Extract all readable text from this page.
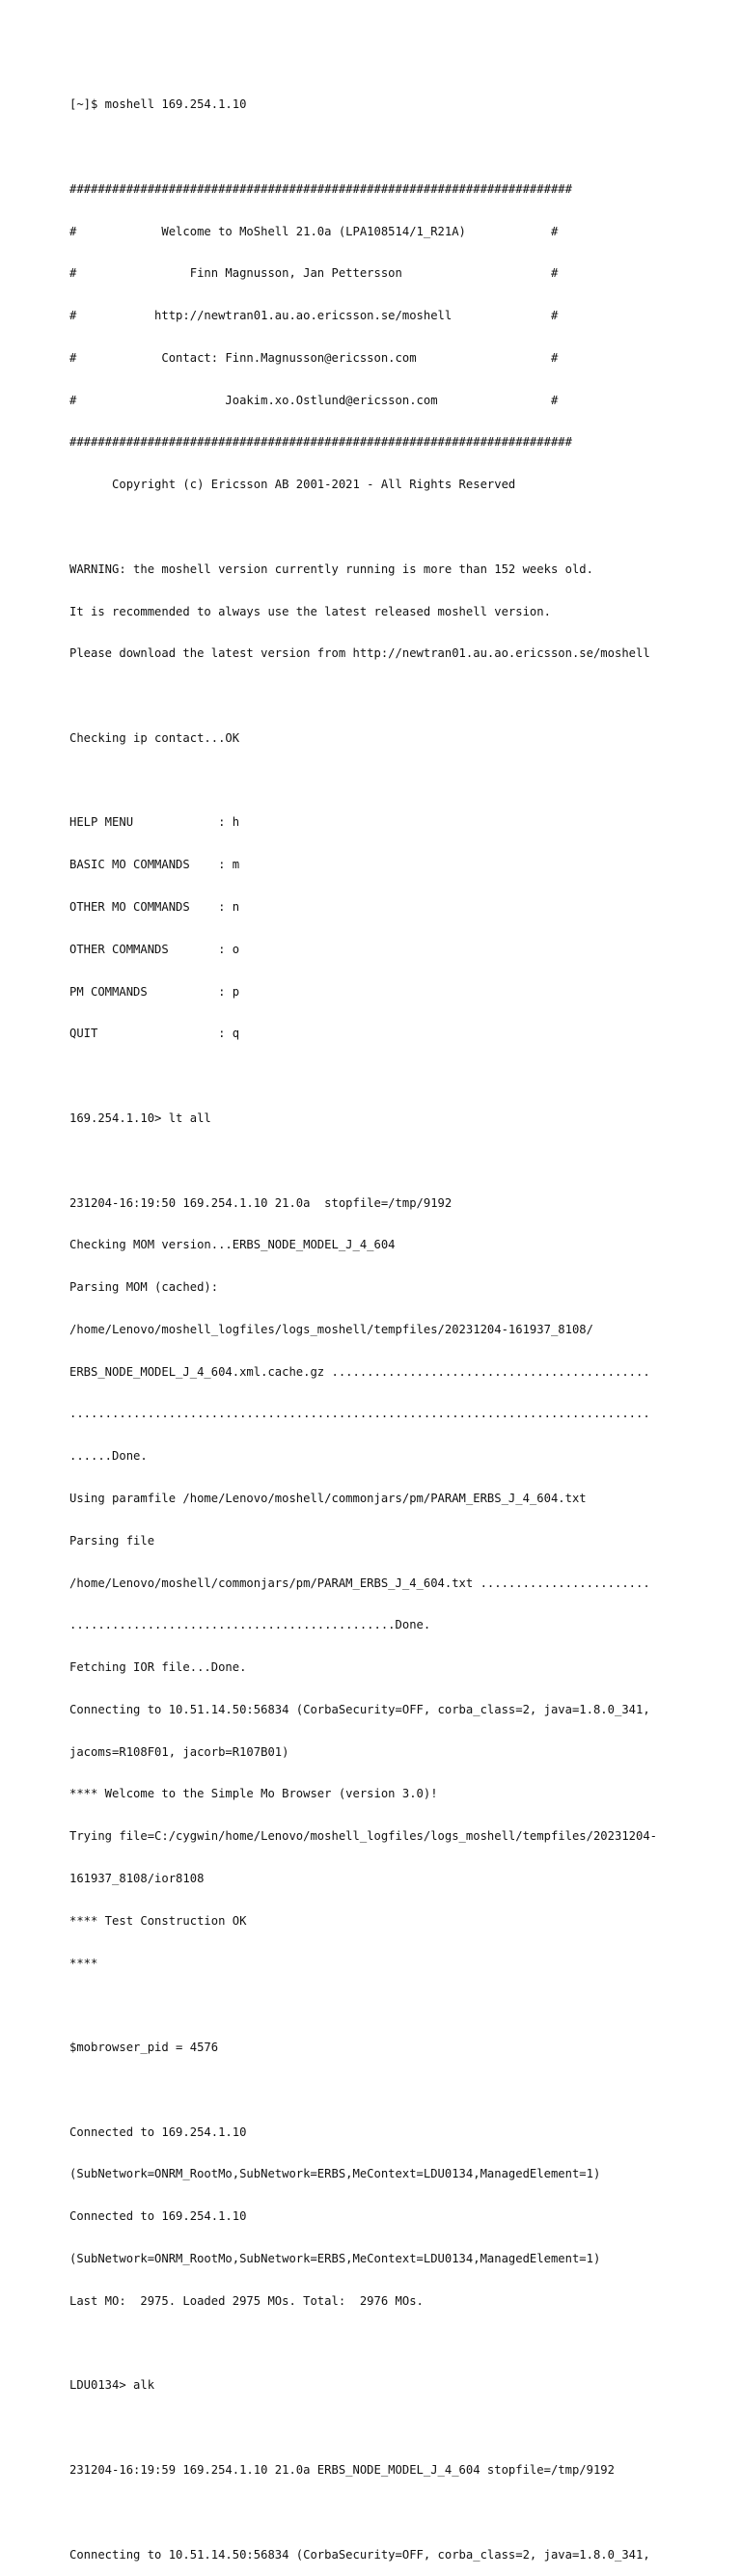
[~]$ moshell 169.254.1.10

#######################################################################

#            Welcome to MoShell 21.0a (LPA108514/1_R21A)            #

#                Finn Magnusson, Jan Pettersson                     #

#           http://newtran01.au.ao.ericsson.se/moshell              #

#            Contact: Finn.Magnusson@ericsson.com                   #

#                     Joakim.xo.Ostlund@ericsson.com                #

#######################################################################

Copyright (c) Ericsson AB 2001-2021 - All Rights Reserved

WARNING: the moshell version currently running is more than 152 weeks old.

It is recommended to always use the latest released moshell version.

Please download the latest version from http://newtran01.au.ao.ericsson.se/moshell

Checking ip contact...OK

HELP MENU            : h

BASIC MO COMMANDS    : m

OTHER MO COMMANDS    : n

OTHER COMMANDS       : o

PM COMMANDS          : p

QUIT                 : q

169.254.1.10> lt all

231204-16:19:50 169.254.1.10 21.0a  stopfile=/tmp/9192

Checking MOM version...ERBS_NODE_MODEL_J_4_604

Parsing MOM (cached):

/home/Lenovo/moshell_logfiles/logs_moshell/tempfiles/20231204-161937_8108/

ERBS_NODE_MODEL_J_4_604.xml.cache.gz .............................................

..................................................................................

......Done.

Using paramfile /home/Lenovo/moshell/commonjars/pm/PARAM_ERBS_J_4_604.txt

Parsing file

/home/Lenovo/moshell/commonjars/pm/PARAM_ERBS_J_4_604.txt ........................

..............................................Done.

Fetching IOR file...Done.

Connecting to 10.51.14.50:56834 (CorbaSecurity=OFF, corba_class=2, java=1.8.0_341,

jacoms=R108F01, jacorb=R107B01)

**** Welcome to the Simple Mo Browser (version 3.0)!

Trying file=C:/cygwin/home/Lenovo/moshell_logfiles/logs_moshell/tempfiles/20231204-

161937_8108/ior8108

**** Test Construction OK

****

$mobrowser_pid = 4576

Connected to 169.254.1.10

(SubNetwork=ONRM_RootMo,SubNetwork=ERBS,MeContext=LDU0134,ManagedElement=1)

Connected to 169.254.1.10

(SubNetwork=ONRM_RootMo,SubNetwork=ERBS,MeContext=LDU0134,ManagedElement=1)

Last MO:  2975. Loaded 2975 MOs. Total:  2976 MOs.

LDU0134> alk

231204-16:19:59 169.254.1.10 21.0a ERBS_NODE_MODEL_J_4_604 stopfile=/tmp/9192

Connecting to 10.51.14.50:56834 (CorbaSecurity=OFF, corba_class=2, java=1.8.0_341,
